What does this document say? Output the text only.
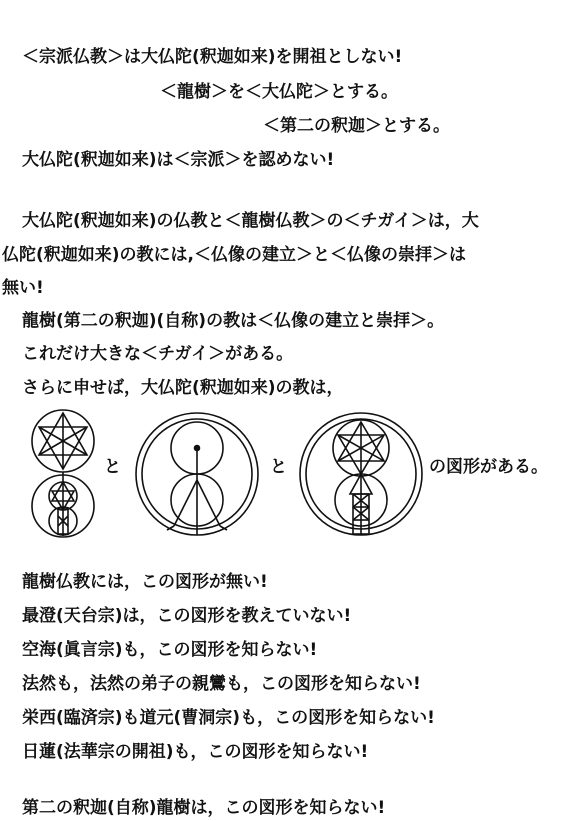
＜宗派仏教＞は大仏陀(釈迦如来)を開祖としない!
＜龍樹＞を＜大仏陀＞とする。
＜第二の釈迦＞とする。
大仏陀(釈迦如来)は＜宗派＞を認めない!
大仏陀(釈迦如来)の仏教と＜龍樹仏教＞の＜チガイ＞は，大
仏陀(釈迦如来)の教には,＜仏像の建立＞と＜仏像の崇拝＞は
無い!
龍樹(第二の釈迦)(自称)の教は＜仏像の建立と崇拝＞。
これだけ大きな＜チガイ＞がある。
さらに申せば，大仏陀(釈迦如来)の教は，
と	と	の図形がある。
龍樹仏教には，この図形が無い!
最澄(天台宗)は，この図形を教えていない!
空海(眞言宗)も，この図形を知らない!
法然も，法然の弟子の親鸞も，この図形を知らない!
栄西(臨済宗)も道元(曹洞宗)も，この図形を知らない!
日蓮(法華宗の開祖)も，この図形を知らない!
第二の釈迦(自称)龍樹は，この図形を知らない!
